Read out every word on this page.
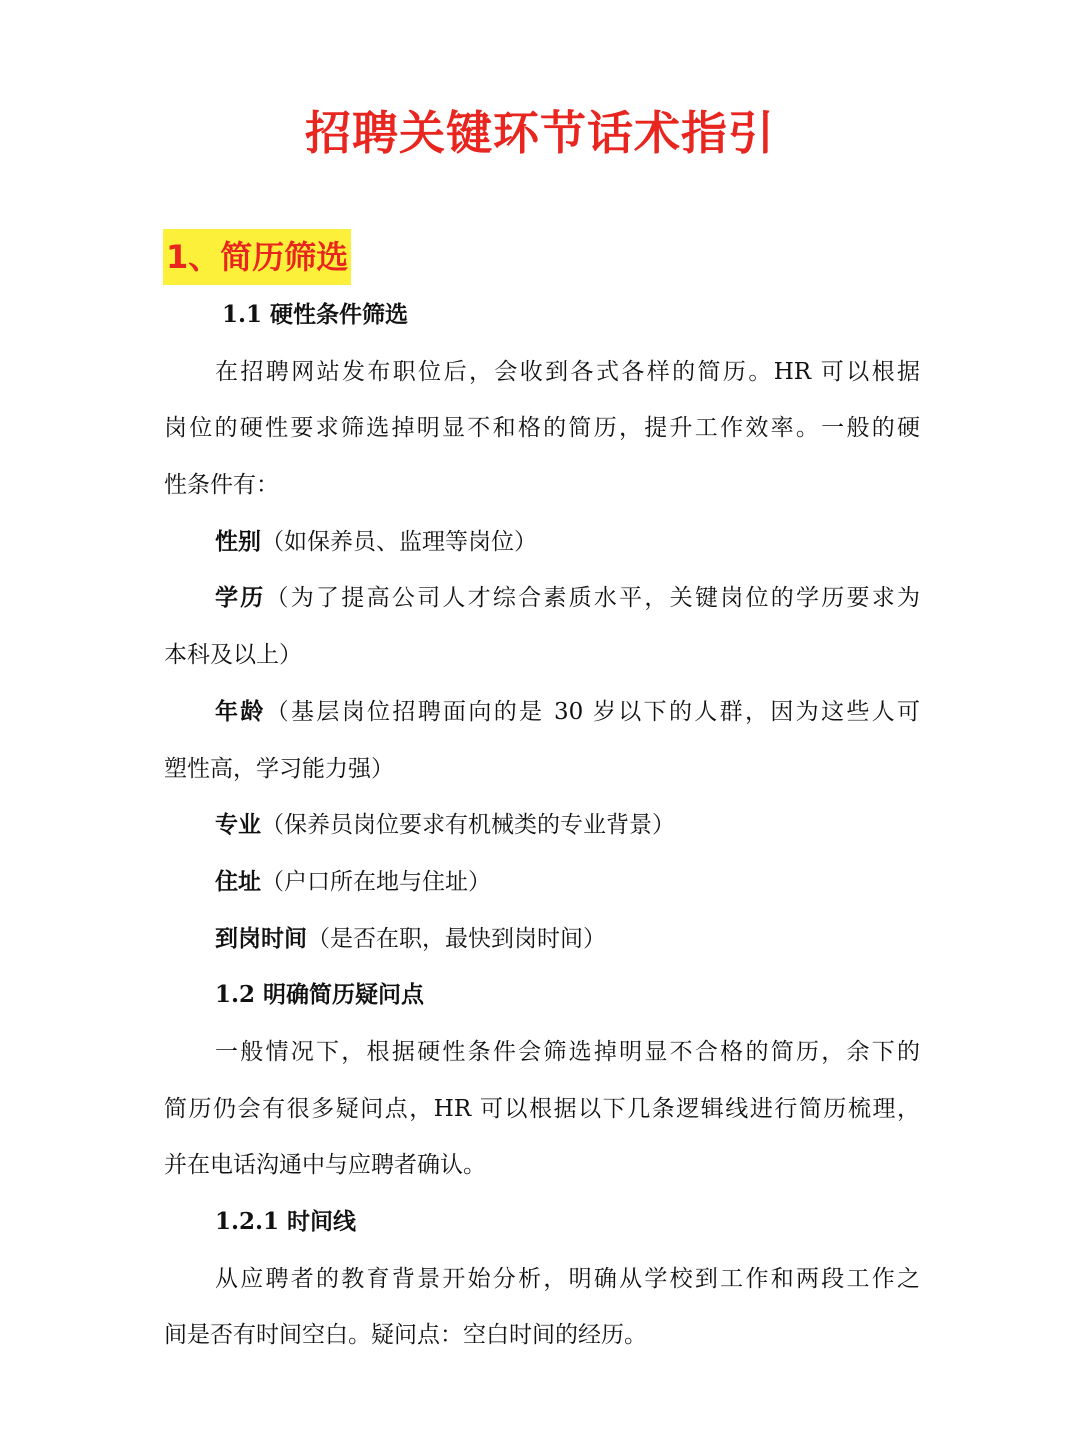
招聘关键环节话术指引
1、简历筛选

1.1 硬性条件筛选

在招聘网站发布职位后，会收到各式各样的简历。HR 可以根据

岗位的硬性要求筛选掉明显不和格的简历，提升工作效率。一般的硬

性条件有：

性别（如保养员、监理等岗位）

学历（为了提高公司人才综合素质水平，关键岗位的学历要求为

本科及以上）

年龄（基层岗位招聘面向的是 30 岁以下的人群，因为这些人可

塑性高，学习能力强）

专业（保养员岗位要求有机械类的专业背景）

住址（户口所在地与住址）

到岗时间（是否在职，最快到岗时间）

1.2 明确简历疑问点

一般情况下，根据硬性条件会筛选掉明显不合格的简历，余下的

简历仍会有很多疑问点，HR 可以根据以下几条逻辑线进行简历梳理，

并在电话沟通中与应聘者确认。

1.2.1 时间线

从应聘者的教育背景开始分析，明确从学校到工作和两段工作之

间是否有时间空白。疑问点：空白时间的经历。
